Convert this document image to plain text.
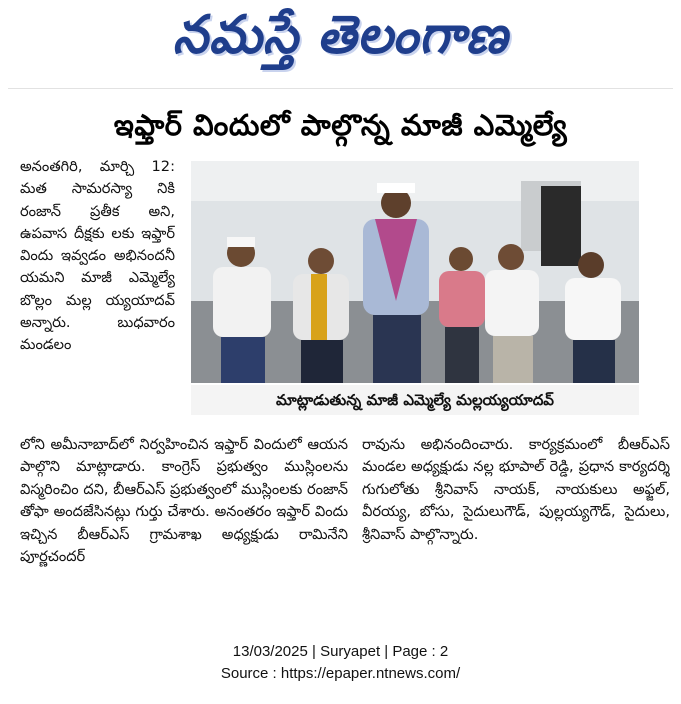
నమస్తే తెలంగాణ
ఇఫ్తార్ విందులో పాల్గొన్న మాజీ ఎమ్మెల్యే

అనంతగిరి, మార్చి 12: మత సామరస్యా నికి రంజాన్ ప్రతీక అని, ఉపవాస దీక్షకు లకు ఇఫ్తార్ విందు ఇవ్వడం అభినందనీ యమని మాజీ ఎమ్మెల్యే బొల్లం మల్ల య్యయాదవ్ అన్నారు. బుధవారం మండలం

మాట్లాడుతున్న మాజీ ఎమ్మెల్యే మల్లయ్యయాదవ్

లోని అమీనాబాద్‌లో నిర్వహించిన ఇఫ్తార్ విందులో ఆయన పాల్గొని మాట్లాడారు. కాంగ్రెస్ ప్రభుత్వం ముస్లింలను విస్మరించిం దని, బీఆర్ఎస్ ప్రభుత్వంలో ముస్లింలకు రంజాన్ తోఫా అందజేసినట్లు గుర్తు చేశారు. అనంతరం ఇఫ్తార్ విందు ఇచ్చిన బీఆర్ఎస్ గ్రామశాఖ అధ్యక్షుడు రామినేని పూర్ణచందర్

రావును అభినందించారు. కార్యక్రమంలో బీఆర్ఎస్ మండల అధ్యక్షుడు నల్ల భూపాల్ రెడ్డి, ప్రధాన కార్యదర్శి గుగులోతు శ్రీనివాస్ నాయక్, నాయకులు అఫ్జల్, వీరయ్య, బోసు, సైదులుగౌడ్, పుల్లయ్యగౌడ్, సైదులు, శ్రీనివాస్ పాల్గొన్నారు.

13/03/2025 | Suryapet | Page : 2
Source : https://epaper.ntnews.com/
